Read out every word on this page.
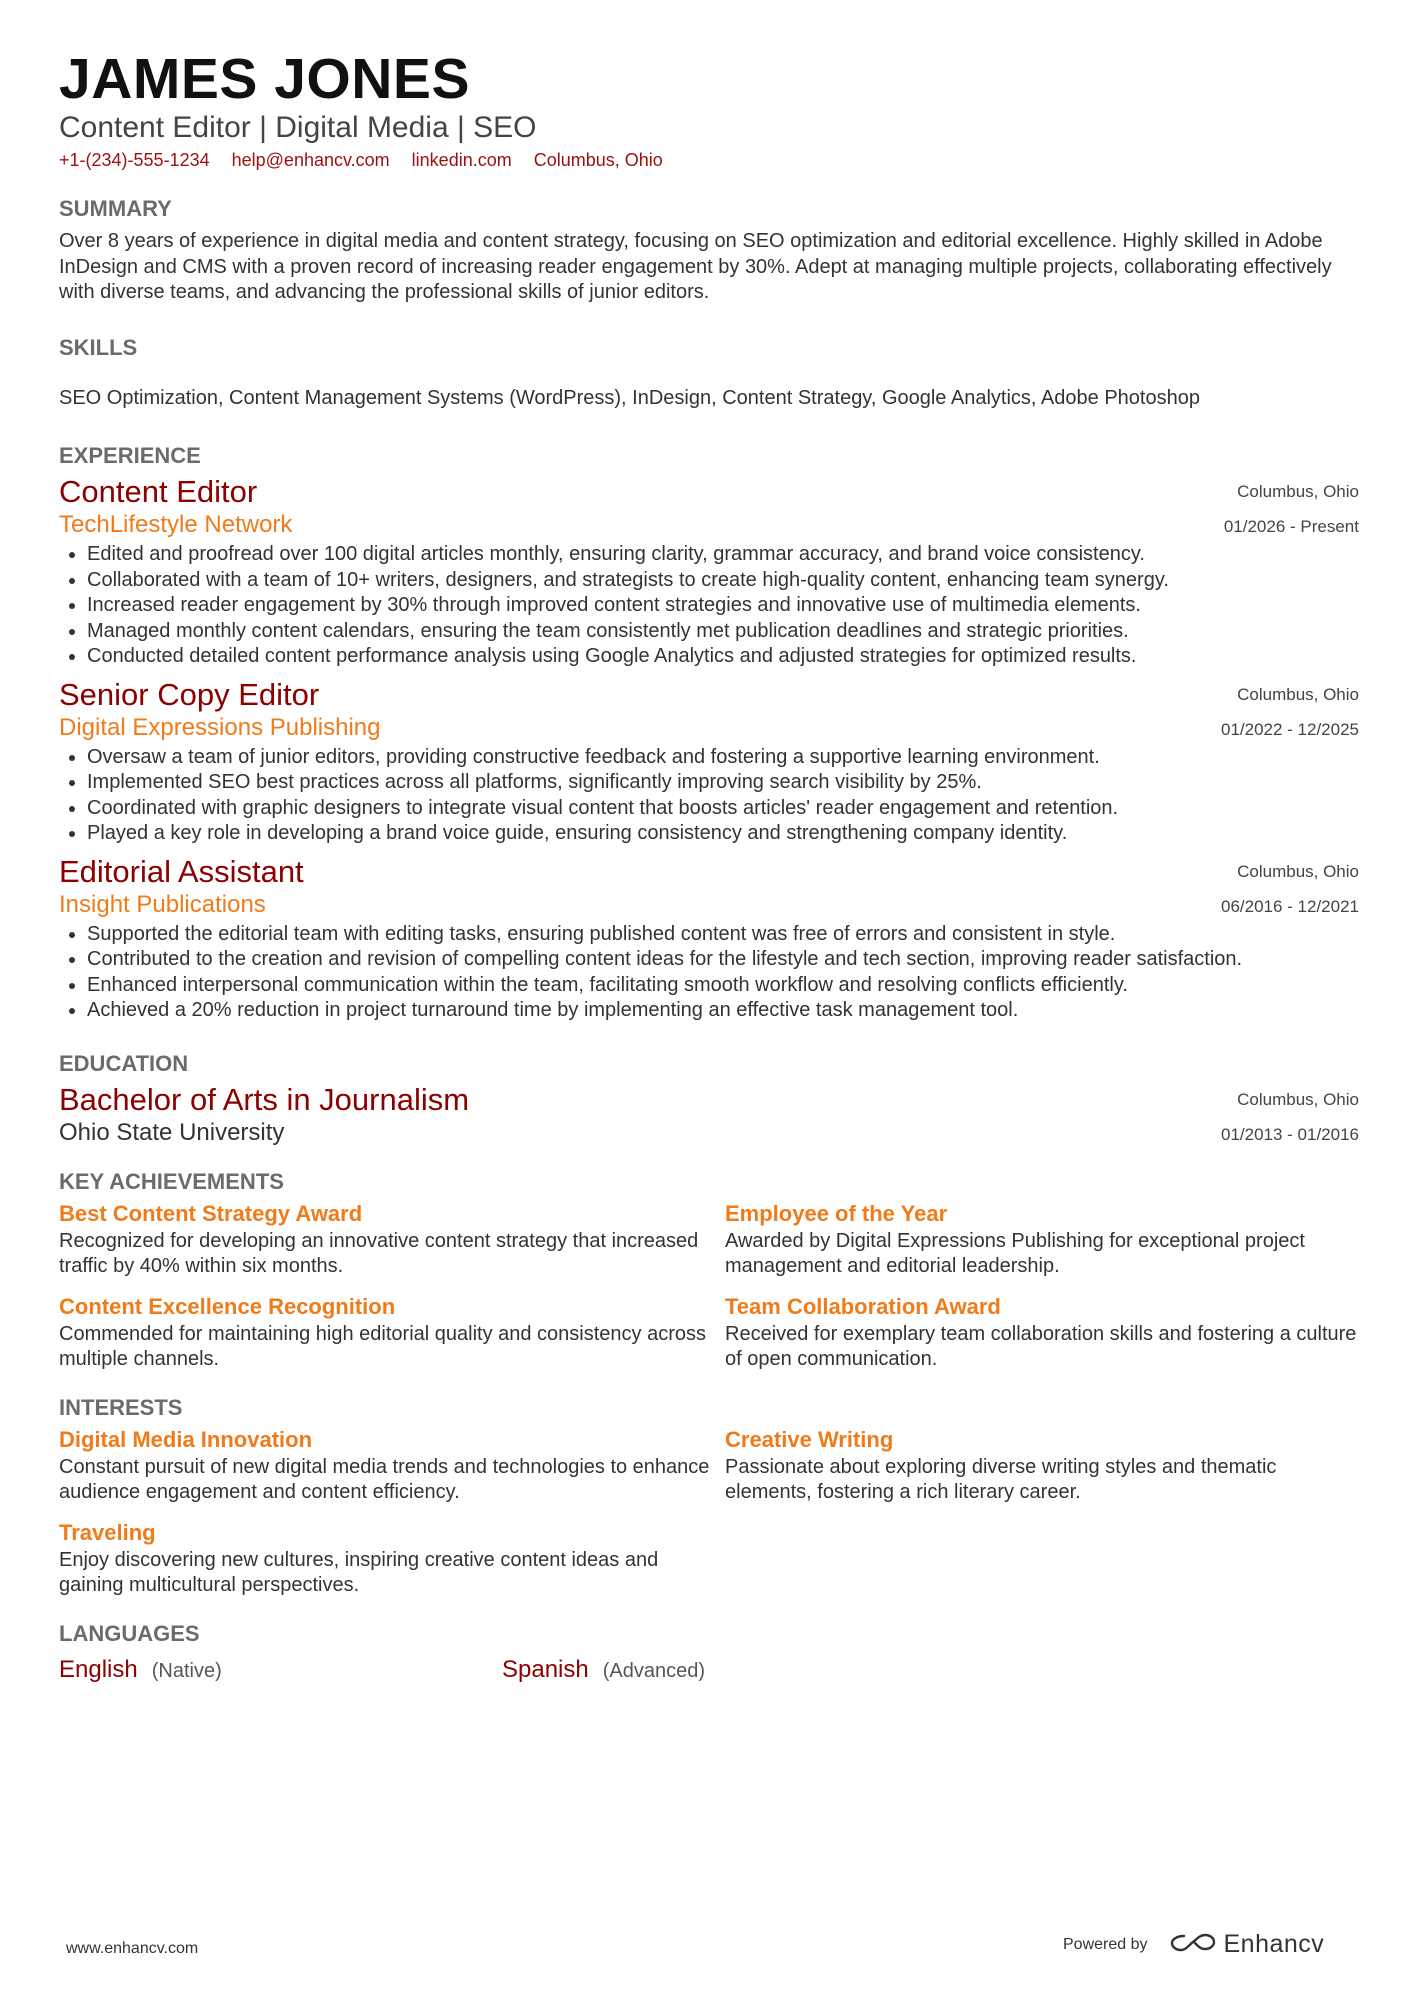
JAMES JONES
Content Editor | Digital Media | SEO
+1-(234)-555-1234 help@enhancv.com linkedin.com Columbus, Ohio
SUMMARY
Over 8 years of experience in digital media and content strategy, focusing on SEO optimization and editorial excellence. Highly skilled in Adobe InDesign and CMS with a proven record of increasing reader engagement by 30%. Adept at managing multiple projects, collaborating effectively with diverse teams, and advancing the professional skills of junior editors.
SKILLS
SEO Optimization, Content Management Systems (WordPress), InDesign, Content Strategy, Google Analytics, Adobe Photoshop
EXPERIENCE
Content Editor
TechLifestyle Network
Columbus, Ohio
01/2026 - Present
• Edited and proofread over 100 digital articles monthly, ensuring clarity, grammar accuracy, and brand voice consistency.
• Collaborated with a team of 10+ writers, designers, and strategists to create high-quality content, enhancing team synergy.
• Increased reader engagement by 30% through improved content strategies and innovative use of multimedia elements.
• Managed monthly content calendars, ensuring the team consistently met publication deadlines and strategic priorities.
• Conducted detailed content performance analysis using Google Analytics and adjusted strategies for optimized results.
Senior Copy Editor
Digital Expressions Publishing
Columbus, Ohio
01/2022 - 12/2025
• Oversaw a team of junior editors, providing constructive feedback and fostering a supportive learning environment.
• Implemented SEO best practices across all platforms, significantly improving search visibility by 25%.
• Coordinated with graphic designers to integrate visual content that boosts articles' reader engagement and retention.
• Played a key role in developing a brand voice guide, ensuring consistency and strengthening company identity.
Editorial Assistant
Insight Publications
Columbus, Ohio
06/2016 - 12/2021
• Supported the editorial team with editing tasks, ensuring published content was free of errors and consistent in style.
• Contributed to the creation and revision of compelling content ideas for the lifestyle and tech section, improving reader satisfaction.
• Enhanced interpersonal communication within the team, facilitating smooth workflow and resolving conflicts efficiently.
• Achieved a 20% reduction in project turnaround time by implementing an effective task management tool.
EDUCATION
Bachelor of Arts in Journalism
Ohio State University
Columbus, Ohio
01/2013 - 01/2016
KEY ACHIEVEMENTS
Best Content Strategy Award
Recognized for developing an innovative content strategy that increased traffic by 40% within six months.
Employee of the Year
Awarded by Digital Expressions Publishing for exceptional project management and editorial leadership.
Content Excellence Recognition
Commended for maintaining high editorial quality and consistency across multiple channels.
Team Collaboration Award
Received for exemplary team collaboration skills and fostering a culture of open communication.
INTERESTS
Digital Media Innovation
Constant pursuit of new digital media trends and technologies to enhance audience engagement and content efficiency.
Creative Writing
Passionate about exploring diverse writing styles and thematic elements, fostering a rich literary career.
Traveling
Enjoy discovering new cultures, inspiring creative content ideas and gaining multicultural perspectives.
LANGUAGES
English (Native)	Spanish (Advanced)
www.enhancv.com	Powered by	Enhancv
